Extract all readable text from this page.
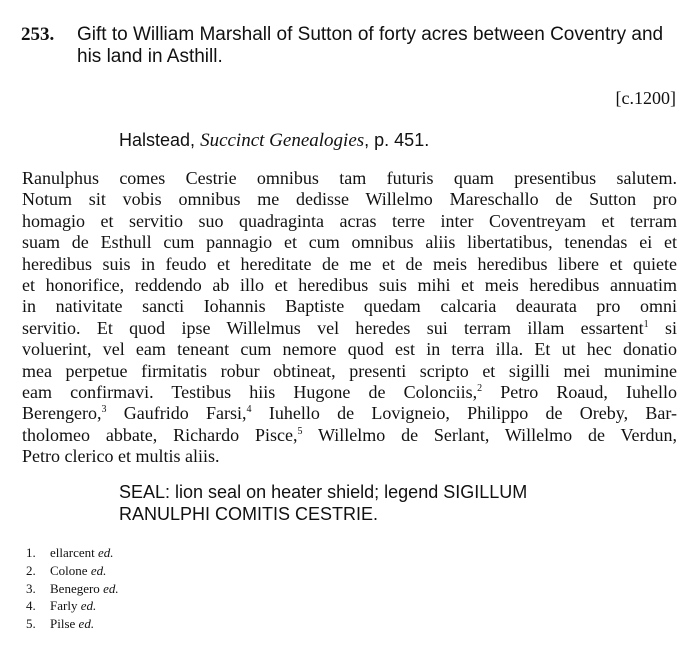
253.	Gift to William Marshall of Sutton of forty acres between Coventry and
his land in Asthill.
[c.1200]
Halstead, Succinct Genealogies, p. 451.
Ranulphus comes Cestrie omnibus tam futuris quam presentibus salutem.
Notum sit vobis omnibus me dedisse Willelmo Mareschallo de Sutton pro
homagio et servitio suo quadraginta acras terre inter Coventreyam et terram
suam de Esthull cum pannagio et cum omnibus aliis libertatibus, tenendas ei et
heredibus suis in feudo et hereditate de me et de meis heredibus libere et quiete
et honorifice, reddendo ab illo et heredibus suis mihi et meis heredibus annuatim
in nativitate sancti Iohannis Baptiste quedam calcaria deaurata pro omni
servitio. Et quod ipse Willelmus vel heredes sui terram illam essartent$^1$ si
voluerint, vel eam teneant cum nemore quod est in terra illa. Et ut hec donatio
mea perpetue firmitatis robur obtineat, presenti scripto et sigilli mei munimine
eam confirmavi. Testibus hiis Hugone de Colonciis,$^2$ Petro Roaud, Iuhello
Berengero,$^3$ Gaufrido Farsi,$^4$ Iuhello de Lovigneio, Philippo de Oreby, Bar-
tholomeo abbate, Richardo Pisce,$^5$ Willelmo de Serlant, Willelmo de Verdun,
Petro clerico et multis aliis.
SEAL: lion seal on heater shield; legend SIGILLUM
RANULPHI COMITIS CESTRIE.
1. ellarcent ed.
2. Colone ed.
3. Benegero ed.
4. Farly ed.
5. Pilse ed.
